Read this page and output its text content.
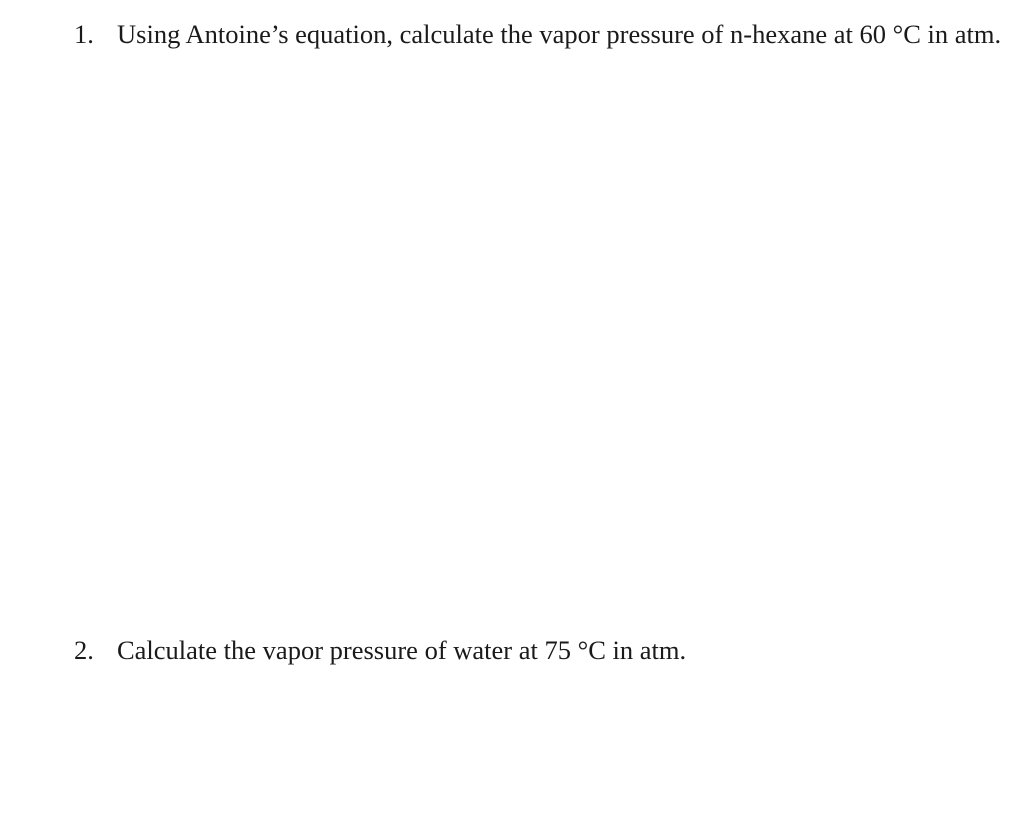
1. Using Antoine’s equation, calculate the vapor pressure of n-hexane at 60 °C in atm.
2. Calculate the vapor pressure of water at 75 °C in atm.
